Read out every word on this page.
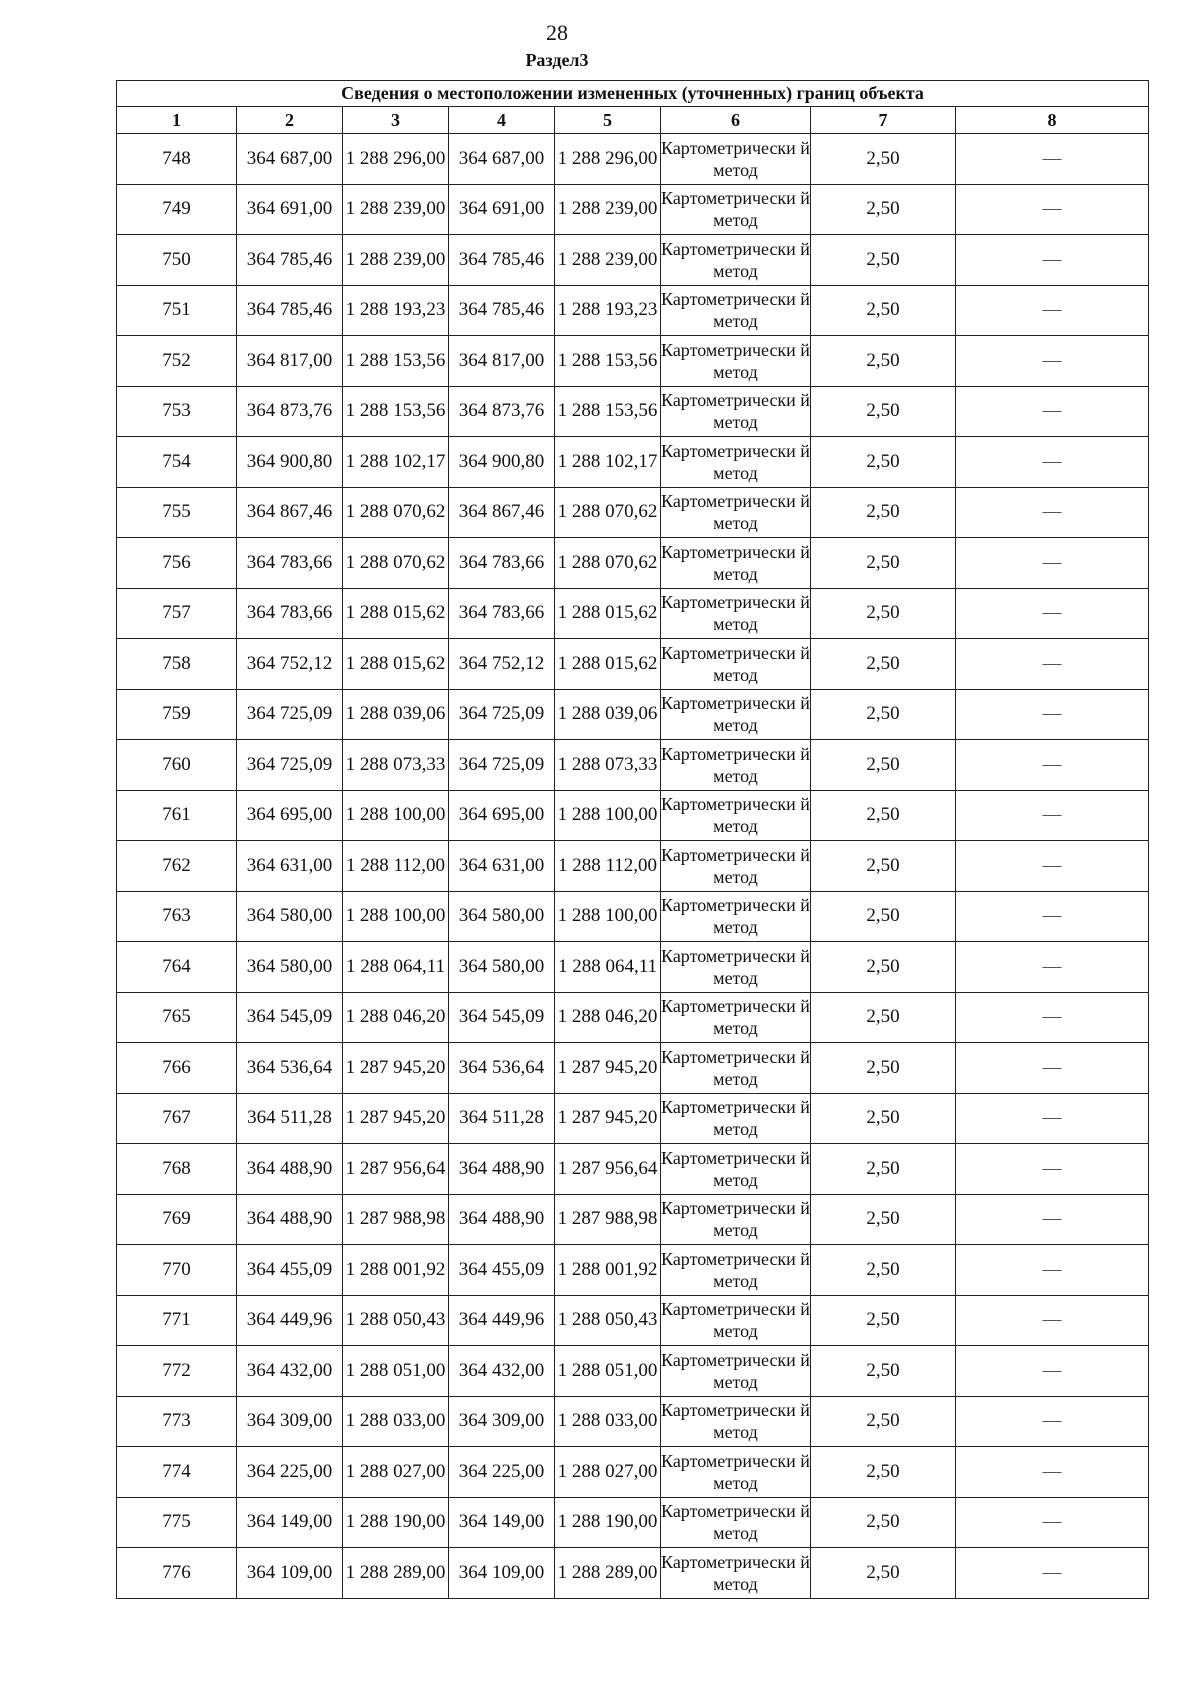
28
Раздел3
Сведения о местоположении измененных (уточненных) границ объекта							
1	2	3	4	5	6	7	8
748	364 687,00	1 288 296,00	364 687,00	1 288 296,00	Картометрически й метод	2,50	—
749	364 691,00	1 288 239,00	364 691,00	1 288 239,00	Картометрически й метод	2,50	—
750	364 785,46	1 288 239,00	364 785,46	1 288 239,00	Картометрически й метод	2,50	—
751	364 785,46	1 288 193,23	364 785,46	1 288 193,23	Картометрически й метод	2,50	—
752	364 817,00	1 288 153,56	364 817,00	1 288 153,56	Картометрически й метод	2,50	—
753	364 873,76	1 288 153,56	364 873,76	1 288 153,56	Картометрически й метод	2,50	—
754	364 900,80	1 288 102,17	364 900,80	1 288 102,17	Картометрически й метод	2,50	—
755	364 867,46	1 288 070,62	364 867,46	1 288 070,62	Картометрически й метод	2,50	—
756	364 783,66	1 288 070,62	364 783,66	1 288 070,62	Картометрически й метод	2,50	—
757	364 783,66	1 288 015,62	364 783,66	1 288 015,62	Картометрически й метод	2,50	—
758	364 752,12	1 288 015,62	364 752,12	1 288 015,62	Картометрически й метод	2,50	—
759	364 725,09	1 288 039,06	364 725,09	1 288 039,06	Картометрически й метод	2,50	—
760	364 725,09	1 288 073,33	364 725,09	1 288 073,33	Картометрически й метод	2,50	—
761	364 695,00	1 288 100,00	364 695,00	1 288 100,00	Картометрически й метод	2,50	—
762	364 631,00	1 288 112,00	364 631,00	1 288 112,00	Картометрически й метод	2,50	—
763	364 580,00	1 288 100,00	364 580,00	1 288 100,00	Картометрически й метод	2,50	—
764	364 580,00	1 288 064,11	364 580,00	1 288 064,11	Картометрически й метод	2,50	—
765	364 545,09	1 288 046,20	364 545,09	1 288 046,20	Картометрически й метод	2,50	—
766	364 536,64	1 287 945,20	364 536,64	1 287 945,20	Картометрически й метод	2,50	—
767	364 511,28	1 287 945,20	364 511,28	1 287 945,20	Картометрически й метод	2,50	—
768	364 488,90	1 287 956,64	364 488,90	1 287 956,64	Картометрически й метод	2,50	—
769	364 488,90	1 287 988,98	364 488,90	1 287 988,98	Картометрически й метод	2,50	—
770	364 455,09	1 288 001,92	364 455,09	1 288 001,92	Картометрически й метод	2,50	—
771	364 449,96	1 288 050,43	364 449,96	1 288 050,43	Картометрически й метод	2,50	—
772	364 432,00	1 288 051,00	364 432,00	1 288 051,00	Картометрически й метод	2,50	—
773	364 309,00	1 288 033,00	364 309,00	1 288 033,00	Картометрически й метод	2,50	—
774	364 225,00	1 288 027,00	364 225,00	1 288 027,00	Картометрически й метод	2,50	—
775	364 149,00	1 288 190,00	364 149,00	1 288 190,00	Картометрически й метод	2,50	—
776	364 109,00	1 288 289,00	364 109,00	1 288 289,00	Картометрически й метод	2,50	—
